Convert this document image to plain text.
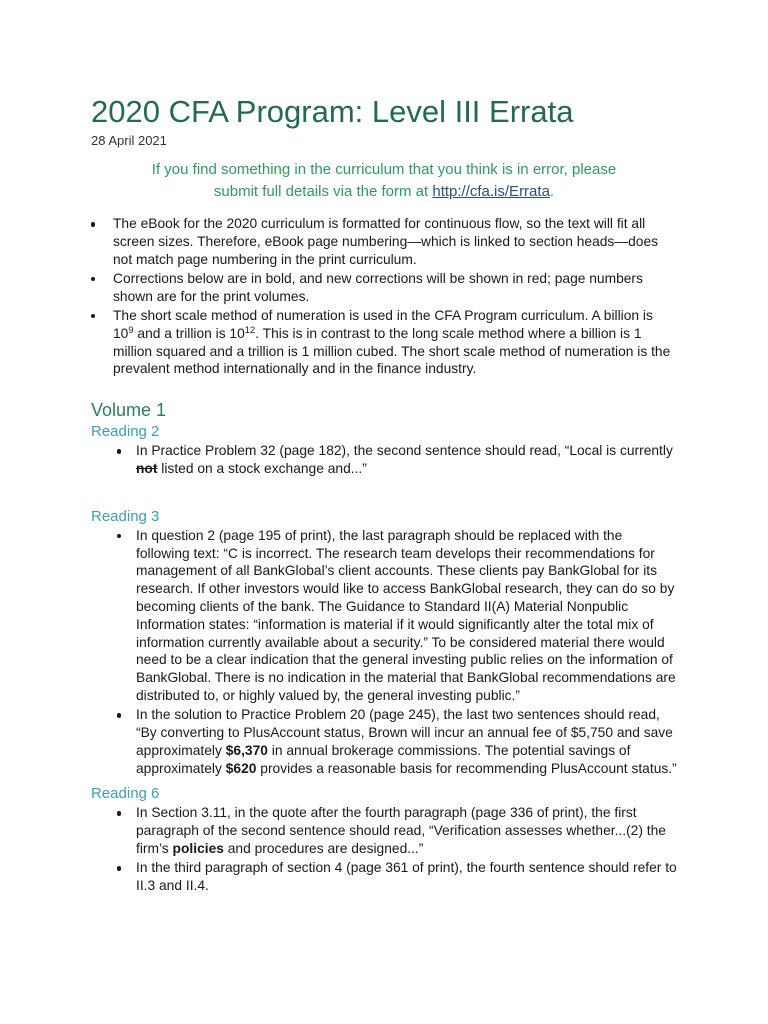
2020 CFA Program: Level III Errata
28 April 2021
If you find something in the curriculum that you think is in error, please
submit full details via the form at http://cfa.is/Errata.
The eBook for the 2020 curriculum is formatted for continuous flow, so the text will fit all
screen sizes. Therefore, eBook page numbering—which is linked to section heads—does
not match page numbering in the print curriculum.
Corrections below are in bold, and new corrections will be shown in red; page numbers
shown are for the print volumes.
The short scale method of numeration is used in the CFA Program curriculum. A billion is
$10^9$ and a trillion is $10^{12}$. This is in contrast to the long scale method where a billion is 1
million squared and a trillion is 1 million cubed. The short scale method of numeration is the
prevalent method internationally and in the finance industry.
Volume 1
Reading 2
In Practice Problem 32 (page 182), the second sentence should read, “Local is currently
not listed on a stock exchange and...”
Reading 3
In question 2 (page 195 of print), the last paragraph should be replaced with the
following text: “C is incorrect. The research team develops their recommendations for
management of all BankGlobal’s client accounts. These clients pay BankGlobal for its
research. If other investors would like to access BankGlobal research, they can do so by
becoming clients of the bank. The Guidance to Standard II(A) Material Nonpublic
Information states: “information is material if it would significantly alter the total mix of
information currently available about a security.” To be considered material there would
need to be a clear indication that the general investing public relies on the information of
BankGlobal. There is no indication in the material that BankGlobal recommendations are
distributed to, or highly valued by, the general investing public.”
In the solution to Practice Problem 20 (page 245), the last two sentences should read,
“By converting to PlusAccount status, Brown will incur an annual fee of $5,750 and save
approximately $6,370 in annual brokerage commissions. The potential savings of
approximately $620 provides a reasonable basis for recommending PlusAccount status.”
Reading 6
In Section 3.11, in the quote after the fourth paragraph (page 336 of print), the first
paragraph of the second sentence should read, “Verification assesses whether...(2) the
firm’s policies and procedures are designed...”
In the third paragraph of section 4 (page 361 of print), the fourth sentence should refer to
II.3 and II.4.
